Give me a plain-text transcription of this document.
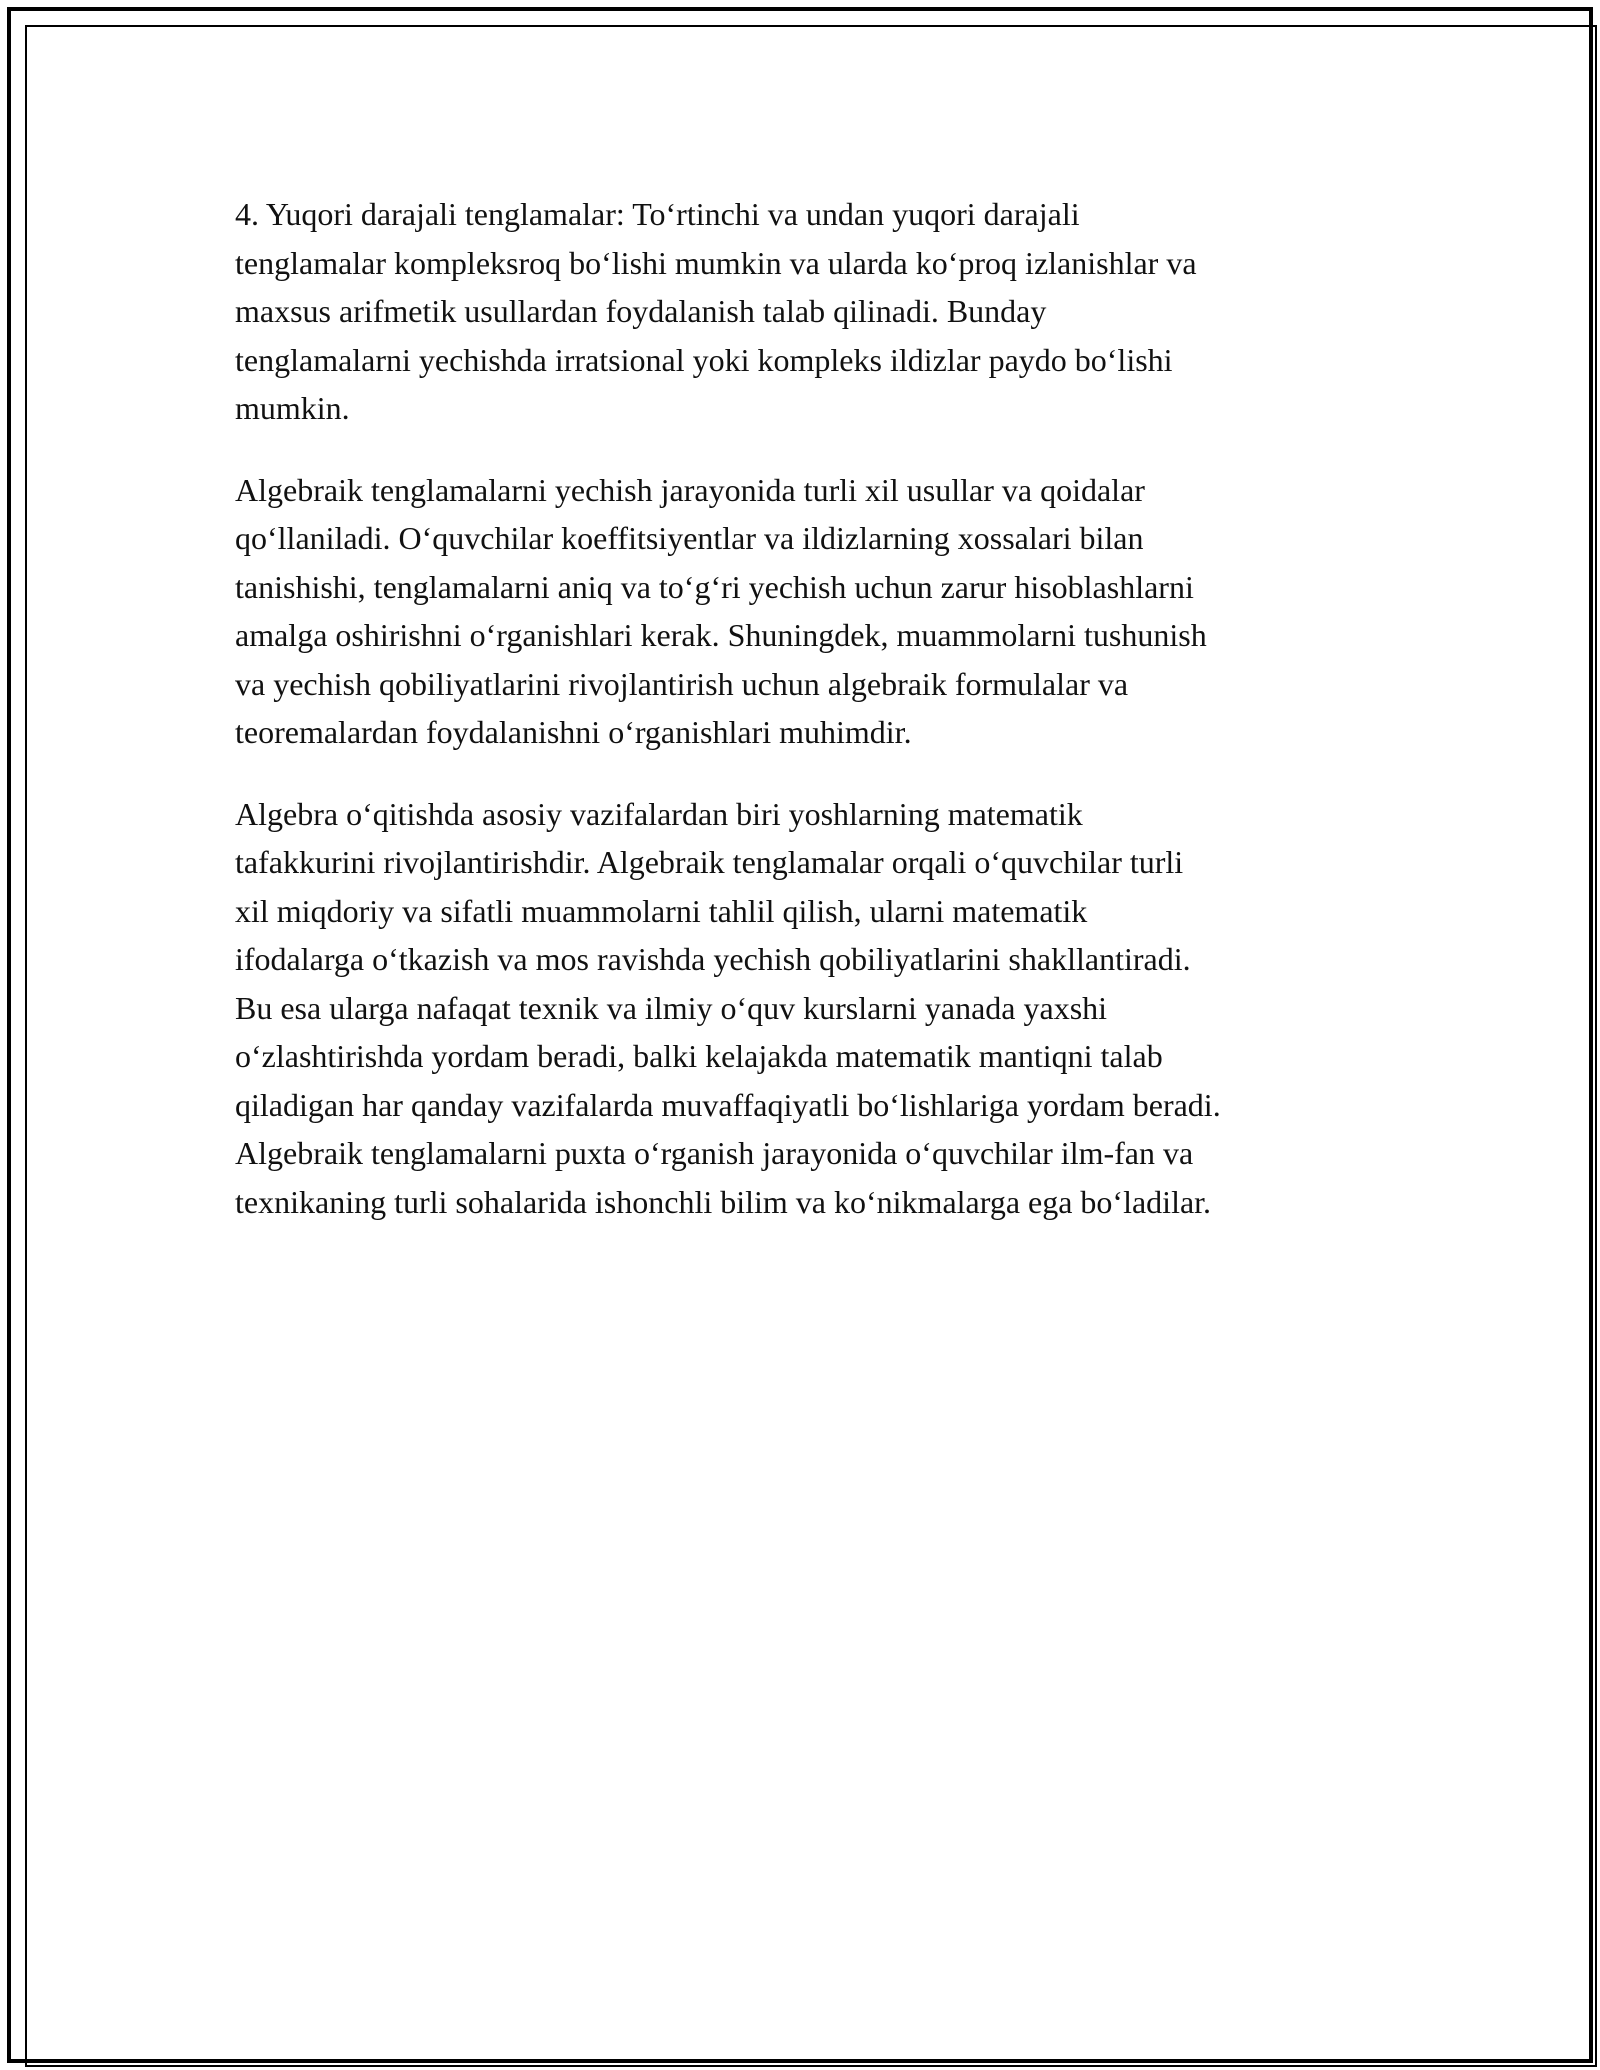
4. Yuqori darajali tenglamalar: To‘rtinchi va undan yuqori darajali
tenglamalar kompleksroq bo‘lishi mumkin va ularda ko‘proq izlanishlar va
maxsus arifmetik usullardan foydalanish talab qilinadi. Bunday
tenglamalarni yechishda irratsional yoki kompleks ildizlar paydo bo‘lishi
mumkin.

Algebraik tenglamalarni yechish jarayonida turli xil usullar va qoidalar
qo‘llaniladi. O‘quvchilar koeffitsiyentlar va ildizlarning xossalari bilan
tanishishi, tenglamalarni aniq va to‘g‘ri yechish uchun zarur hisoblashlarni
amalga oshirishni o‘rganishlari kerak. Shuningdek, muammolarni tushunish
va yechish qobiliyatlarini rivojlantirish uchun algebraik formulalar va
teoremalardan foydalanishni o‘rganishlari muhimdir.

Algebra o‘qitishda asosiy vazifalardan biri yoshlarning matematik
tafakkurini rivojlantirishdir. Algebraik tenglamalar orqali o‘quvchilar turli
xil miqdoriy va sifatli muammolarni tahlil qilish, ularni matematik
ifodalarga o‘tkazish va mos ravishda yechish qobiliyatlarini shakllantiradi.
Bu esa ularga nafaqat texnik va ilmiy o‘quv kurslarni yanada yaxshi
o‘zlashtirishda yordam beradi, balki kelajakda matematik mantiqni talab
qiladigan har qanday vazifalarda muvaffaqiyatli bo‘lishlariga yordam beradi.
Algebraik tenglamalarni puxta o‘rganish jarayonida o‘quvchilar ilm-fan va
texnikaning turli sohalarida ishonchli bilim va ko‘nikmalarga ega bo‘ladilar.
